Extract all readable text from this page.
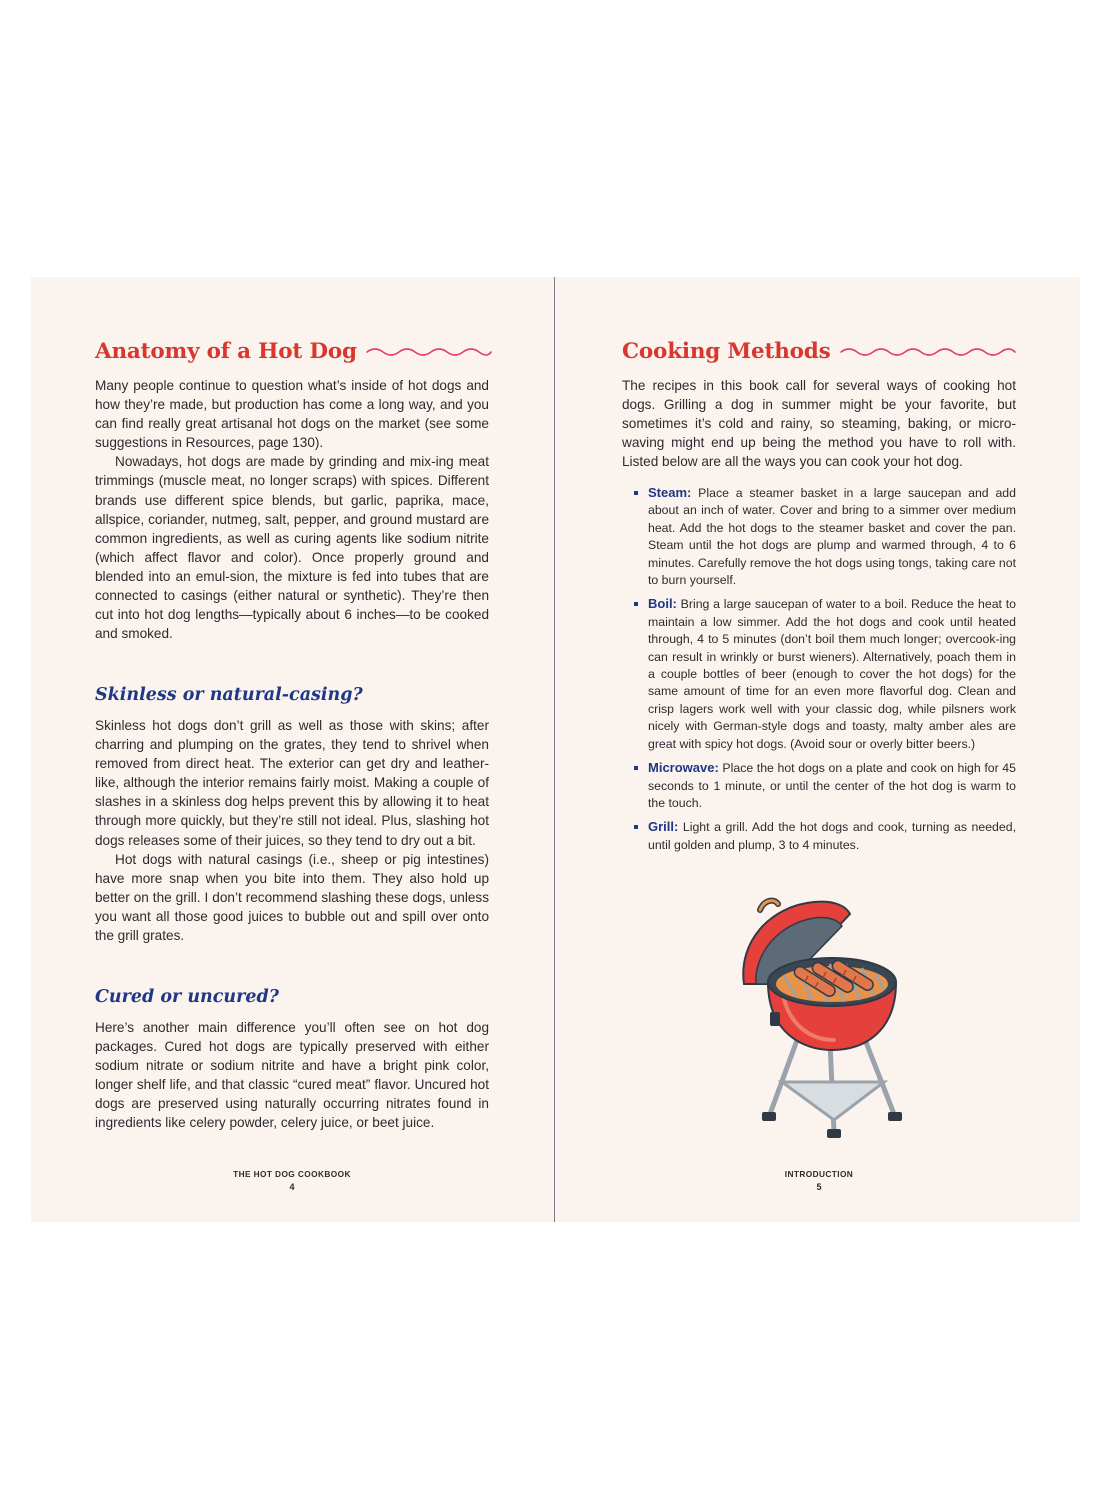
Anatomy of a Hot Dog

Many people continue to question what’s inside of hot dogs and how they’re made, but production has come a long way, and you can find really great artisanal hot dogs on the market (see some suggestions in Resources, page 130).

Nowadays, hot dogs are made by grinding and mix-ing meat trimmings (muscle meat, no longer scraps) with spices. Different brands use different spice blends, but garlic, paprika, mace, allspice, coriander, nutmeg, salt, pepper, and ground mustard are common ingredients, as well as curing agents like sodium nitrite (which affect flavor and color). Once properly ground and blended into an emul-sion, the mixture is fed into tubes that are connected to casings (either natural or synthetic). They’re then cut into hot dog lengths—typically about 6 inches—to be cooked and smoked.

Skinless or natural-casing?

Skinless hot dogs don’t grill as well as those with skins; after charring and plumping on the grates, they tend to shrivel when removed from direct heat. The exterior can get dry and leather-like, although the interior remains fairly moist. Making a couple of slashes in a skinless dog helps prevent this by allowing it to heat through more quickly, but they’re still not ideal. Plus, slashing hot dogs releases some of their juices, so they tend to dry out a bit.

Hot dogs with natural casings (i.e., sheep or pig intestines) have more snap when you bite into them. They also hold up better on the grill. I don’t recommend slashing these dogs, unless you want all those good juices to bubble out and spill over onto the grill grates.

Cured or uncured?

Here’s another main difference you’ll often see on hot dog packages. Cured hot dogs are typically preserved with either sodium nitrate or sodium nitrite and have a bright pink color, longer shelf life, and that classic “cured meat” flavor. Uncured hot dogs are preserved using naturally occurring nitrates found in ingredients like celery powder, celery juice, or beet juice.

THE HOT DOG COOKBOOK
4
Cooking Methods

The recipes in this book call for several ways of cooking hot dogs. Grilling a dog in summer might be your favorite, but sometimes it’s cold and rainy, so steaming, baking, or micro-waving might end up being the method you have to roll with. Listed below are all the ways you can cook your hot dog.

Steam: Place a steamer basket in a large saucepan and add about an inch of water. Cover and bring to a simmer over medium heat. Add the hot dogs to the steamer basket and cover the pan. Steam until the hot dogs are plump and warmed through, 4 to 6 minutes. Carefully remove the hot dogs using tongs, taking care not to burn yourself.
Boil: Bring a large saucepan of water to a boil. Reduce the heat to maintain a low simmer. Add the hot dogs and cook until heated through, 4 to 5 minutes (don’t boil them much longer; overcook-ing can result in wrinkly or burst wieners). Alternatively, poach them in a couple bottles of beer (enough to cover the hot dogs) for the same amount of time for an even more flavorful dog. Clean and crisp lagers work well with your classic dog, while pilsners work nicely with German-style dogs and toasty, malty amber ales are great with spicy hot dogs. (Avoid sour or overly bitter beers.)
Microwave: Place the hot dogs on a plate and cook on high for 45 seconds to 1 minute, or until the center of the hot dog is warm to the touch.
Grill: Light a grill. Add the hot dogs and cook, turning as needed, until golden and plump, 3 to 4 minutes.
INTRODUCTION
5
